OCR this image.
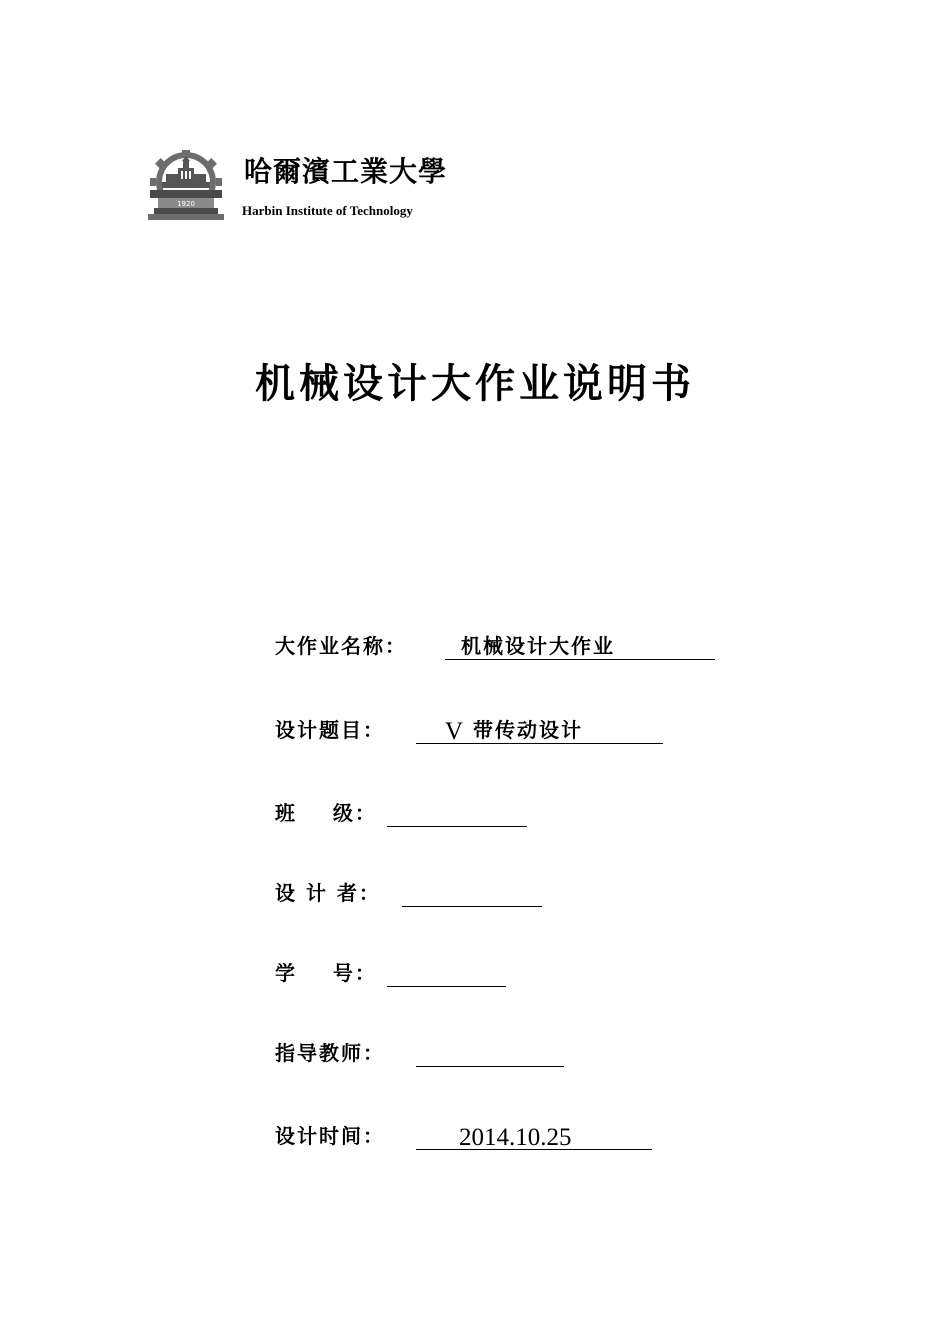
1920
哈爾濱工業大學
Harbin Institute of Technology
机械设计大作业说明书
大作业名称：	机械设计大作业
设计题目： V 带传动设计
班    级：
设 计 者：
学    号：
指导教师：
设计时间：	2014.10.25
